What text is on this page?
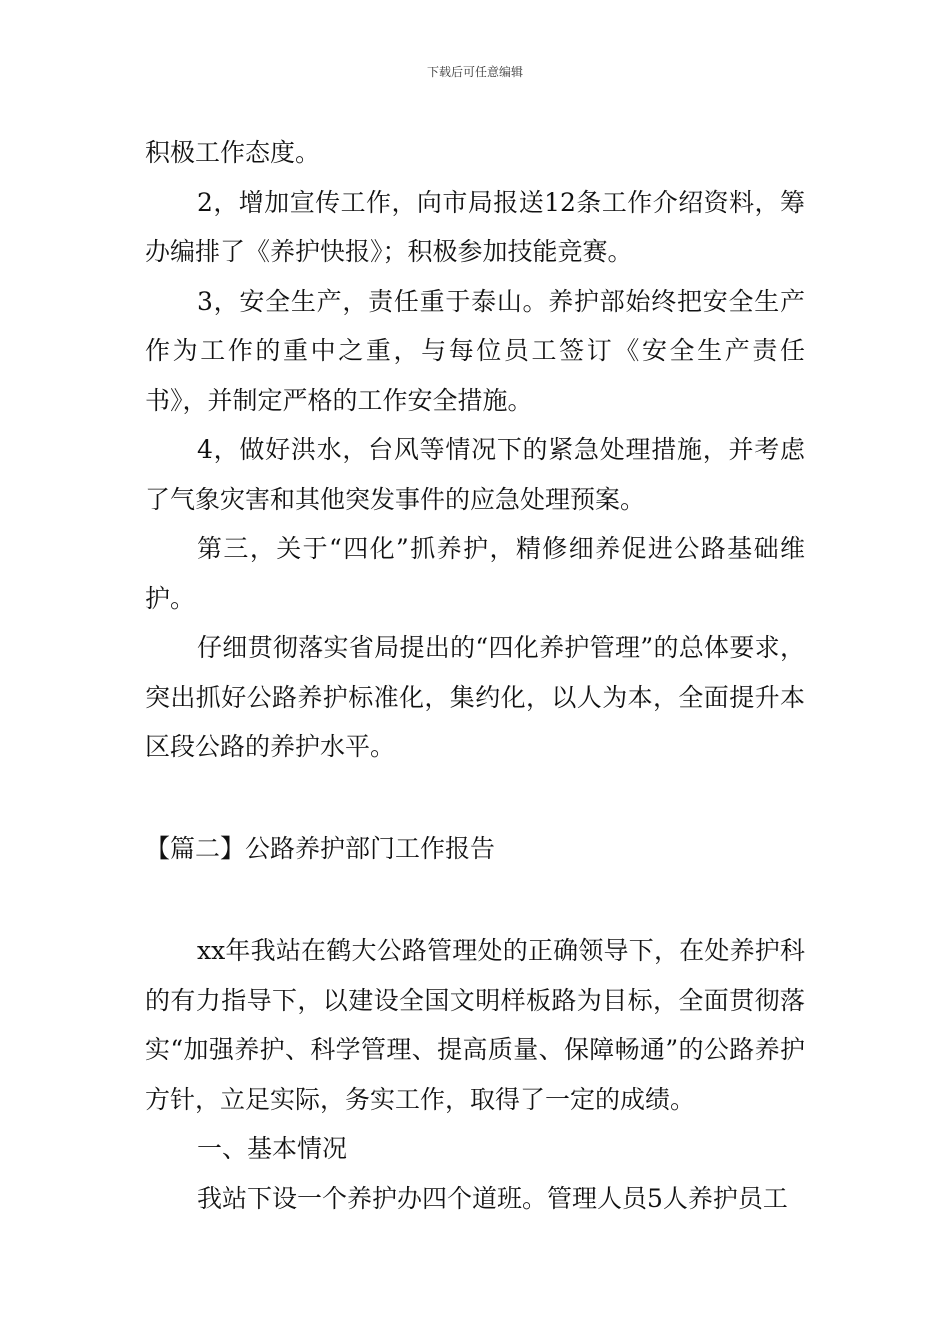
下载后可任意编辑

积极工作态度。

2，增加宣传工作，向市局报送12条工作介绍资料，筹办编排了《养护快报》；积极参加技能竞赛。

3，安全生产，责任重于泰山。养护部始终把安全生产作为工作的重中之重，与每位员工签订《安全生产责任书》，并制定严格的工作安全措施。

4，做好洪水，台风等情况下的紧急处理措施，并考虑了气象灾害和其他突发事件的应急处理预案。

第三，关于“四化”抓养护，精修细养促进公路基础维护。

仔细贯彻落实省局提出的“四化养护管理”的总体要求，突出抓好公路养护标准化，集约化，以人为本，全面提升本区段公路的养护水平。

【篇二】公路养护部门工作报告

xx年我站在鹤大公路管理处的正确领导下，在处养护科的有力指导下，以建设全国文明样板路为目标，全面贯彻落实“加强养护、科学管理、提高质量、保障畅通”的公路养护方针，立足实际，务实工作，取得了一定的成绩。

一、基本情况

我站下设一个养护办四个道班。管理人员5人养护员工
